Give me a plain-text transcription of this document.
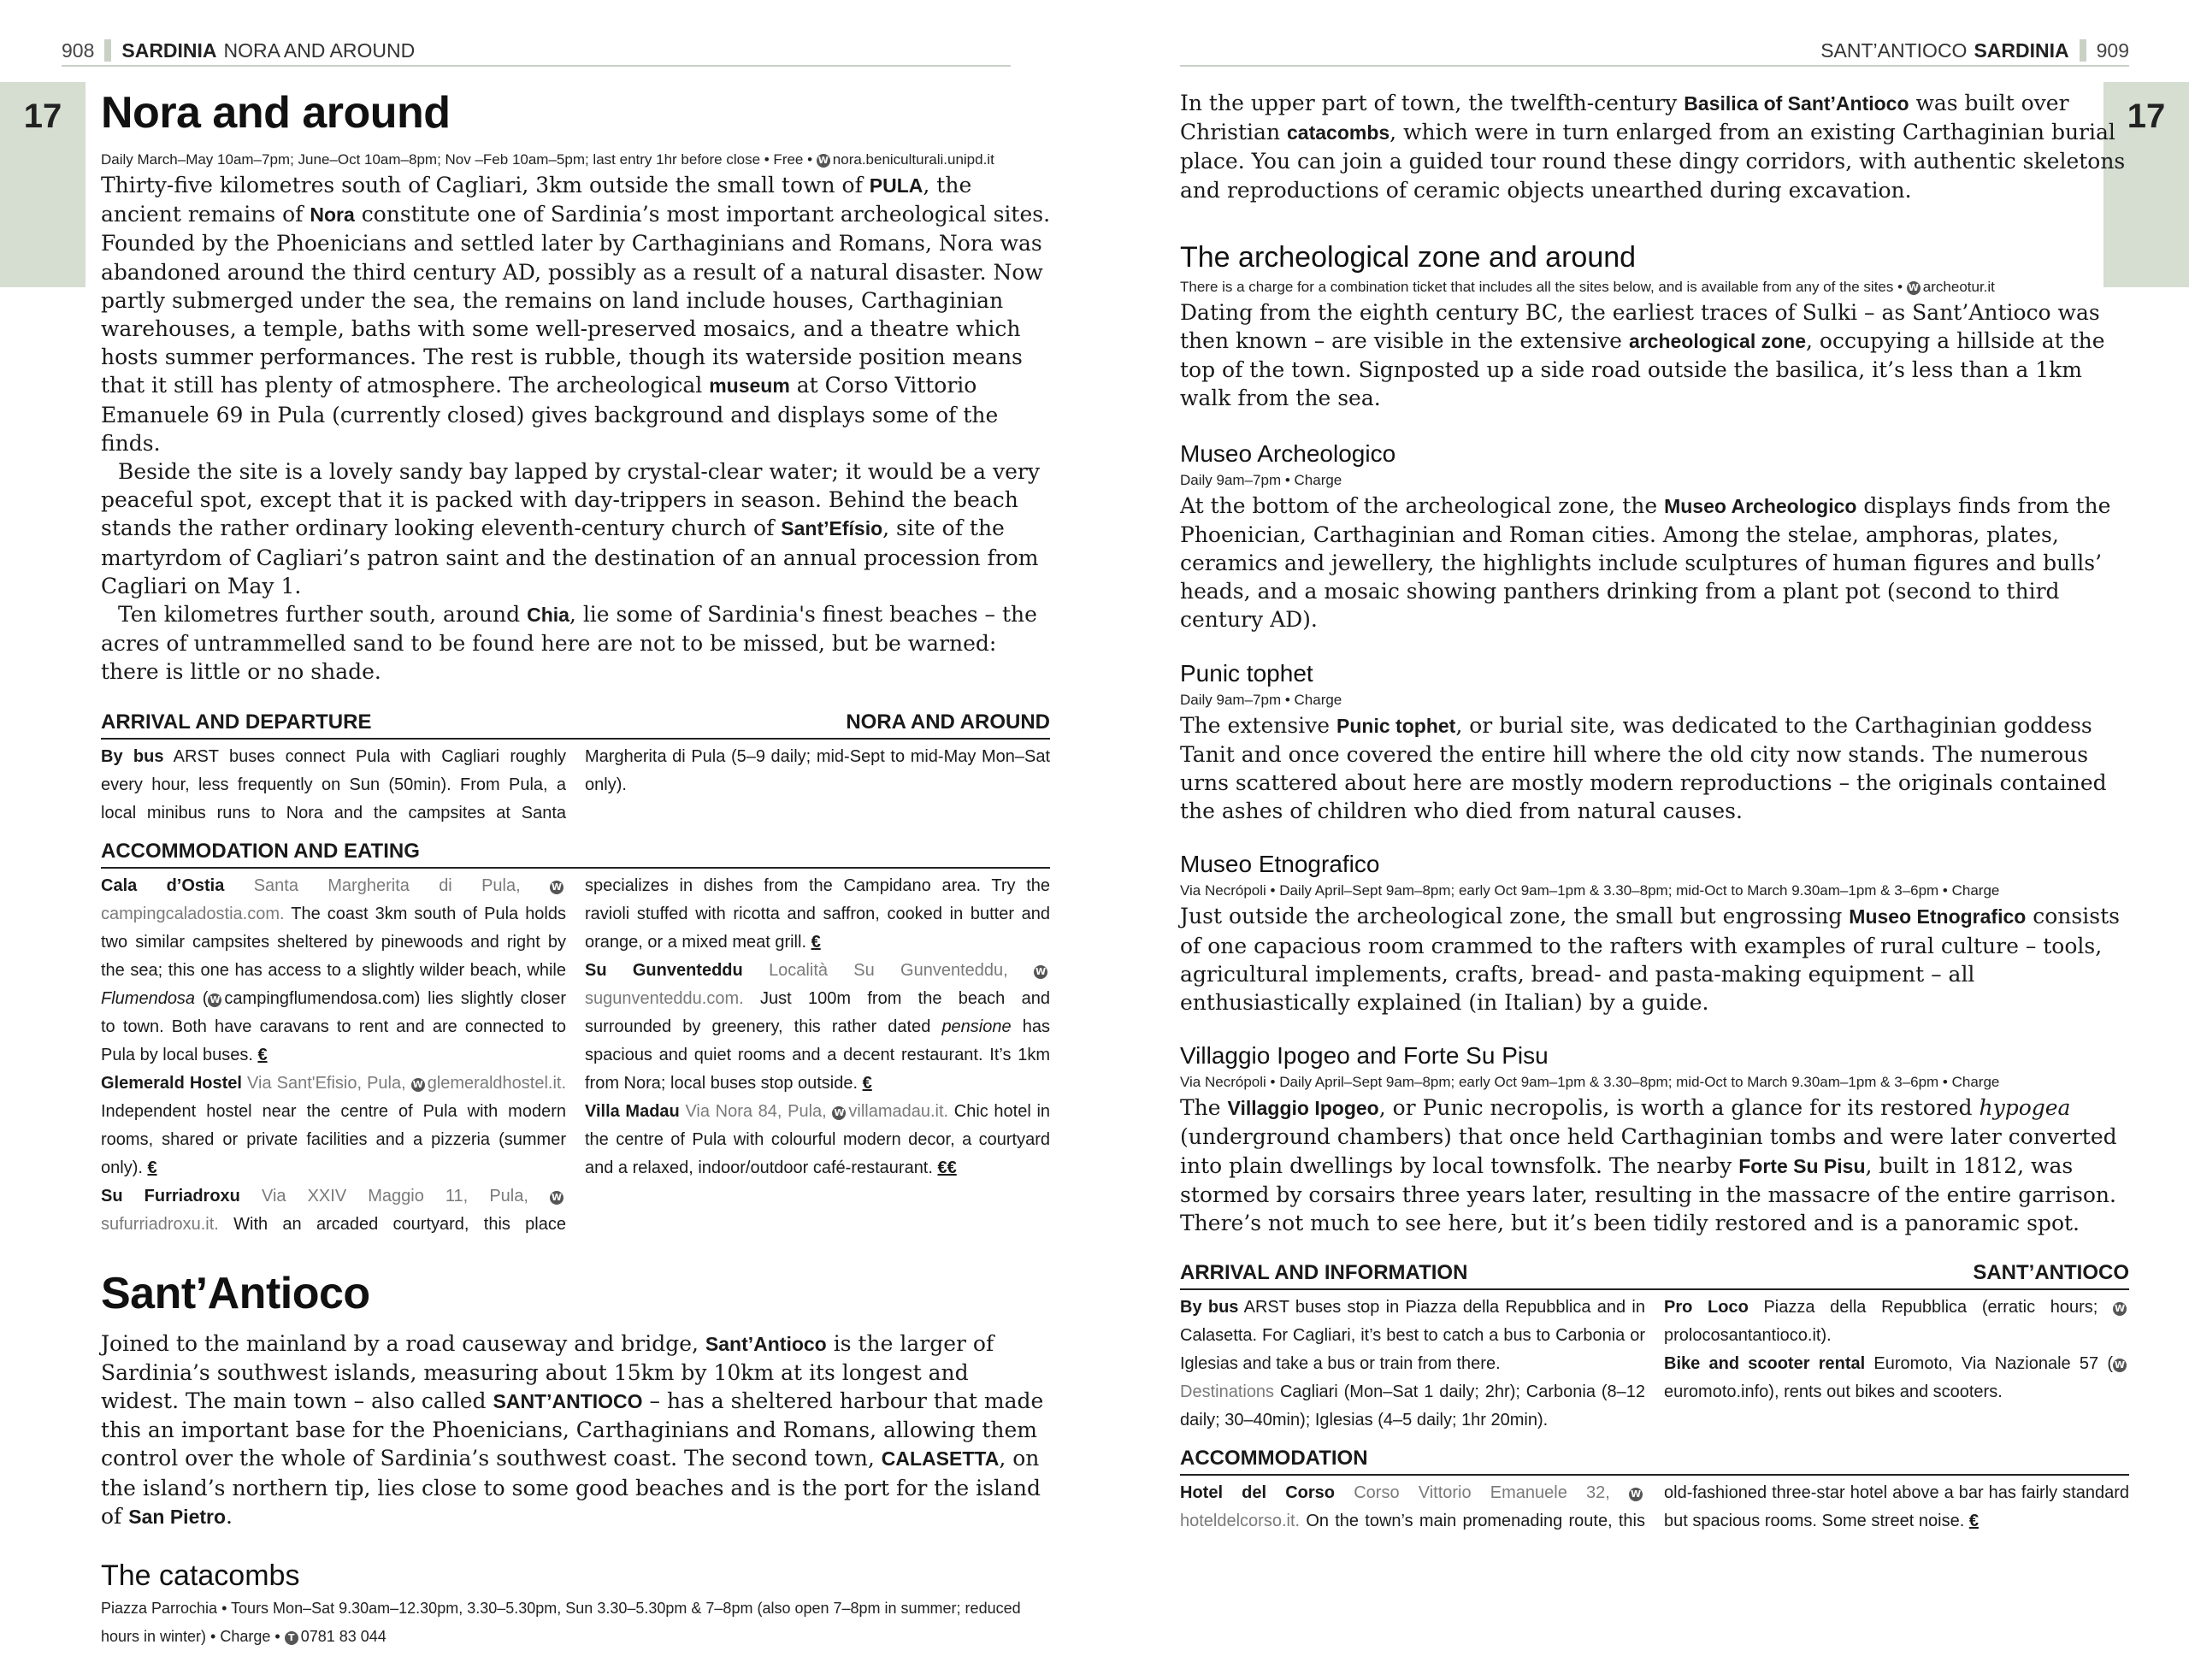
908 SARDINIA NORA AND AROUND
17 Nora and around
Daily March–May 10am–7pm; June–Oct 10am–8pm; Nov –Feb 10am–5pm; last entry 1hr before close • Free • W nora.beniculturali.unipd.it

Thirty-five kilometres south of Cagliari, 3km outside the small town of PULA, the ancient remains of Nora constitute one of Sardinia’s most important archeological sites. Founded by the Phoenicians and settled later by Carthaginians and Romans, Nora was abandoned around the third century AD, possibly as a result of a natural disaster. Now partly submerged under the sea, the remains on land include houses, Carthaginian warehouses, a temple, baths with some well-preserved mosaics, and a theatre which hosts summer performances. The rest is rubble, though its waterside position means that it still has plenty of atmosphere. The archeological museum at Corso Vittorio Emanuele 69 in Pula (currently closed) gives background and displays some of the finds.

Beside the site is a lovely sandy bay lapped by crystal-clear water; it would be a very peaceful spot, except that it is packed with day-trippers in season. Behind the beach stands the rather ordinary looking eleventh-century church of Sant’Efísio, site of the martyrdom of Cagliari’s patron saint and the destination of an annual procession from Cagliari on May 1.

Ten kilometres further south, around Chia, lie some of Sardinia's finest beaches – the acres of untrammelled sand to be found here are not to be missed, but be warned: there is little or no shade.

ARRIVAL AND DEPARTURE	NORA AND AROUND
By bus ARST buses connect Pula with Cagliari roughly every hour, less frequently on Sun (50min). From Pula, a local minibus runs to Nora and the campsites at Santa Margherita di Pula (5–9 daily; mid-Sept to mid-May Mon–Sat only).
ACCOMMODATION AND EATING
Cala d’Ostia Santa Margherita di Pula,	Wcampingcaladostia.com. The coast 3km south of Pula holds two similar campsites sheltered by pinewoods and right by the sea; this one has access to a slightly wilder beach, while Flumendosa ( W campingflumendosa.com) lies slightly closer to town. Both have caravans to rent and are connected to Pula by local buses. €
Glemerald Hostel Via Sant'Efisio, Pula, W glemeraldhostel.it. Independent hostel near the centre of Pula with modern rooms, shared or private facilities and a pizzeria (summer only). €
Su Furriadroxu Via XXIV Maggio 11, Pula, Wsufurriadroxu.it. With an arcaded courtyard, this place specializes in dishes from the Campidano area. Try the ravioli stuffed with ricotta and saffron, cooked in butter and orange, or a mixed meat grill. €
Su Gunventeddu Località Su Gunventeddu,	Wsugunventeddu.com. Just 100m from the beach and surrounded by greenery, this rather dated pensione has spacious and quiet rooms and a decent restaurant. It’s 1km from Nora; local buses stop outside. €
Villa Madau Via Nora 84, Pula, W villamadau.it. Chic hotel in the centre of Pula with colourful modern decor, a courtyard and a relaxed, indoor/outdoor café-restaurant. €€
Sant’Antioco

Joined to the mainland by a road causeway and bridge, Sant’Antioco is the larger of Sardinia’s southwest islands, measuring about 15km by 10km at its longest and widest. The main town – also called SANT’ANTIOCO – has a sheltered harbour that made this an important base for the Phoenicians, Carthaginians and Romans, allowing them control over the whole of Sardinia’s southwest coast. The second town, CALASETTA, on the island’s northern tip, lies close to some good beaches and is the port for the island of San Pietro.

The catacombs
Piazza Parrochia • Tours Mon–Sat 9.30am–12.30pm, 3.30–5.30pm, Sun 3.30–5.30pm & 7–8pm (also open 7–8pm in summer; reduced hours in winter) • Charge • T 0781 83 044
SANT’ANTIOCO SARDINIA 909
17

In the upper part of town, the twelfth-century Basilica of Sant’Antioco was built over Christian catacombs, which were in turn enlarged from an existing Carthaginian burial place. You can join a guided tour round these dingy corridors, with authentic skeletons and reproductions of ceramic objects unearthed during excavation.

The archeological zone and around
There is a charge for a combination ticket that includes all the sites below, and is available from any of the sites • W archeotur.it

Dating from the eighth century BC, the earliest traces of Sulki – as Sant’Antioco was then known – are visible in the extensive archeological zone, occupying a hillside at the top of the town. Signposted up a side road outside the basilica, it’s less than a 1km walk from the sea.

Museo Archeologico
Daily 9am–7pm • Charge

At the bottom of the archeological zone, the Museo Archeologico displays finds from the Phoenician, Carthaginian and Roman cities. Among the stelae, amphoras, plates, ceramics and jewellery, the highlights include sculptures of human figures and bulls’ heads, and a mosaic showing panthers drinking from a plant pot (second to third century AD).

Punic tophet
Daily 9am–7pm • Charge

The extensive Punic tophet, or burial site, was dedicated to the Carthaginian goddess Tanit and once covered the entire hill where the old city now stands. The numerous urns scattered about here are mostly modern reproductions – the originals contained the ashes of children who died from natural causes.

Museo Etnografico
Via Necrópoli • Daily April–Sept 9am–8pm; early Oct 9am–1pm & 3.30–8pm; mid-Oct to March 9.30am–1pm & 3–6pm • Charge

Just outside the archeological zone, the small but engrossing Museo Etnografico consists of one capacious room crammed to the rafters with examples of rural culture – tools, agricultural implements, crafts, bread- and pasta-making equipment – all enthusiastically explained (in Italian) by a guide.

Villaggio Ipogeo and Forte Su Pisu
Via Necrópoli • Daily April–Sept 9am–8pm; early Oct 9am–1pm & 3.30–8pm; mid-Oct to March 9.30am–1pm & 3–6pm • Charge

The Villaggio Ipogeo, or Punic necropolis, is worth a glance for its restored hypogea (underground chambers) that once held Carthaginian tombs and were later converted into plain dwellings by local townsfolk. The nearby Forte Su Pisu, built in 1812, was stormed by corsairs three years later, resulting in the massacre of the entire garrison. There’s not much to see here, but it’s been tidily restored and is a panoramic spot.

ARRIVAL AND INFORMATION	SANT’ANTIOCO
By bus ARST buses stop in Piazza della Repubblica and in Calasetta. For Cagliari, it’s best to catch a bus to Carbonia or Iglesias and take a bus or train from there.
Destinations Cagliari (Mon–Sat 1 daily; 2hr); Carbonia (8–12 daily; 30–40min); Iglesias (4–5 daily; 1hr 20min).
Pro Loco Piazza della Repubblica (erratic hours; Wprolocosantantioco.it).
Bike and scooter rental Euromoto, Via Nazionale 57 ( Weuromoto.info), rents out bikes and scooters.
ACCOMMODATION
Hotel del Corso Corso Vittorio Emanuele 32, Whoteldelcorso.it. On the town’s main promenading route, this old-fashioned three-star hotel above a bar has fairly standard but spacious rooms. Some street noise. €
